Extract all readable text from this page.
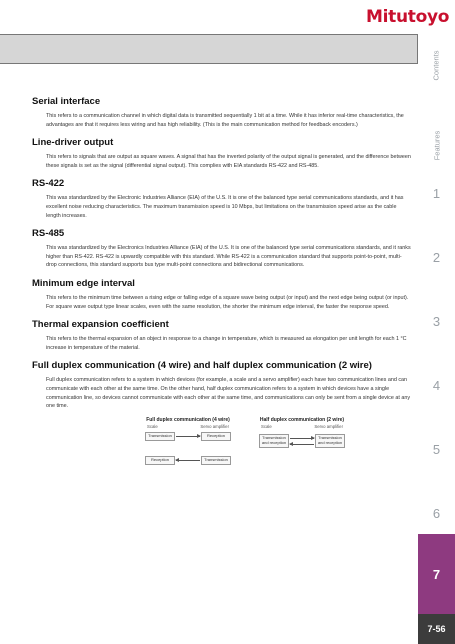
Mitutoyo
Contents
Features
1
2
3
4
5
6
7
7-56
Serial interface

This refers to a communication channel in which digital data is transmitted sequentially 1 bit at a time. While it has inferior real-time characteristics, the advantages are that it requires less wiring and has high reliability. (This is the main communication method for feedback encoders.)

Line-driver output

This refers to signals that are output as square waves. A signal that has the inverted polarity of the output signal is generated, and the difference between these signals is set as the signal (differential signal output). This complies with EIA standards RS-422 and RS-485.

RS-422

This was standardized by the Electronic Industries Alliance (EIA) of the U.S. It is one of the balanced type serial communications standards, and it has excellent noise reducing characteristics. The maximum transmission speed is 10 Mbps, but limitations on the transmission speed arise as the cable length increases.

RS-485

This was standardized by the Electronics Industries Alliance (EIA) of the U.S. It is one of the balanced type serial communications standards, and it ranks higher than RS-422. RS-422 is upwardly compatible with this standard. While RS-422 is a communication standard that supports point-to-point, multi-drop connections, this standard supports bus type multi-point connections and bidirectional communications.

Minimum edge interval

This refers to the minimum time between a rising edge or falling edge of a square wave being output (or input) and the next edge being output (or input). For square wave output type linear scales, even with the same resolution, the shorter the minimum edge interval, the faster the response speed.

Thermal expansion coefficient

This refers to the thermal expansion of an object in response to a change in temperature, which is measured as elongation per unit length for each 1 °C increase in temperature of the material.

Full duplex communication (4 wire) and half duplex communication (2 wire)

Full duplex communication refers to a system in which devices (for example, a scale and a servo amplifier) each have two communication lines and can communicate with each other at the same time. On the other hand, half duplex communication refers to a system in which devices have a single communication line, so devices cannot communicate with each other at the same time, and communications can only be sent from a single device at any one time.

Full duplex communication (4 wire)
Scale	Servo amplifier
Transmission	Reception
Reception	Transmission
Half duplex communication (2 wire)
Scale	Servo amplifier
Transmission and reception
Transmission and reception
